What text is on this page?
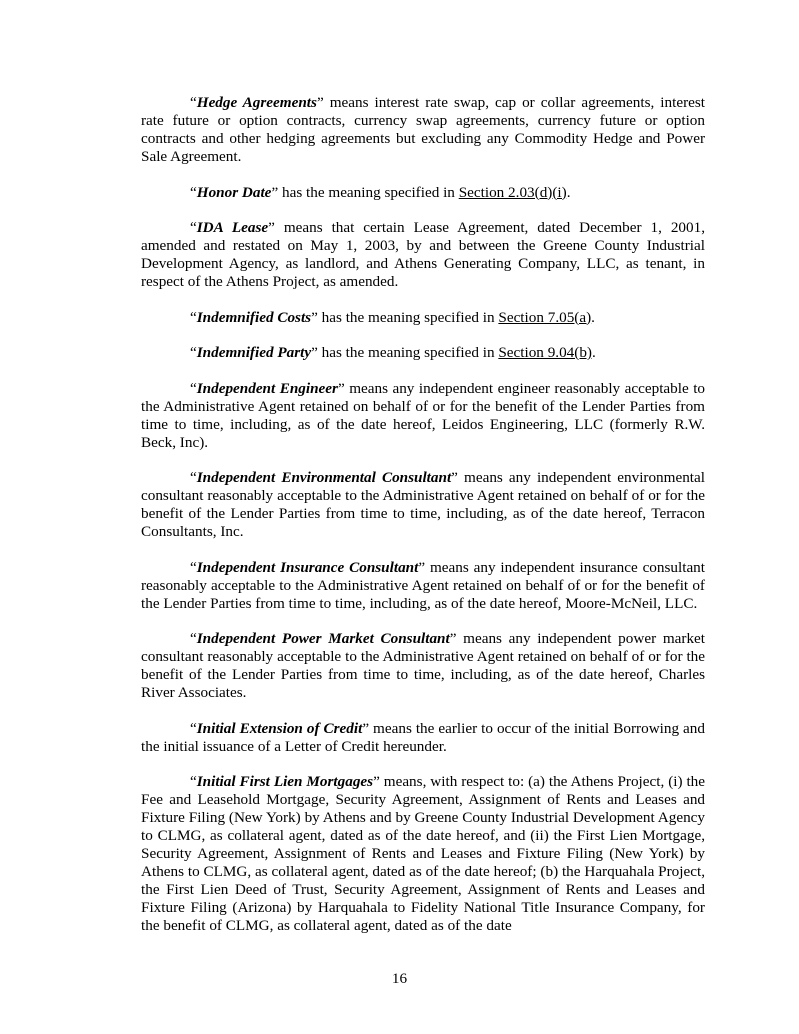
“Hedge Agreements” means interest rate swap, cap or collar agreements, interest rate future or option contracts, currency swap agreements, currency future or option contracts and other hedging agreements but excluding any Commodity Hedge and Power Sale Agreement.

“Honor Date” has the meaning specified in Section 2.03(d)(i).

“IDA Lease” means that certain Lease Agreement, dated December 1, 2001, amended and restated on May 1, 2003, by and between the Greene County Industrial Development Agency, as landlord, and Athens Generating Company, LLC, as tenant, in respect of the Athens Project, as amended.

“Indemnified Costs” has the meaning specified in Section 7.05(a).

“Indemnified Party” has the meaning specified in Section 9.04(b).

“Independent Engineer” means any independent engineer reasonably acceptable to the Administrative Agent retained on behalf of or for the benefit of the Lender Parties from time to time, including, as of the date hereof, Leidos Engineering, LLC (formerly R.W. Beck, Inc).

“Independent Environmental Consultant” means any independent environmental consultant reasonably acceptable to the Administrative Agent retained on behalf of or for the benefit of the Lender Parties from time to time, including, as of the date hereof, Terracon Consultants, Inc.

“Independent Insurance Consultant” means any independent insurance consultant reasonably acceptable to the Administrative Agent retained on behalf of or for the benefit of the Lender Parties from time to time, including, as of the date hereof, Moore-McNeil, LLC.

“Independent Power Market Consultant” means any independent power market consultant reasonably acceptable to the Administrative Agent retained on behalf of or for the benefit of the Lender Parties from time to time, including, as of the date hereof, Charles River Associates.

“Initial Extension of Credit” means the earlier to occur of the initial Borrowing and the initial issuance of a Letter of Credit hereunder.

“Initial First Lien Mortgages” means, with respect to: (a) the Athens Project, (i) the Fee and Leasehold Mortgage, Security Agreement, Assignment of Rents and Leases and Fixture Filing (New York) by Athens and by Greene County Industrial Development Agency to CLMG, as collateral agent, dated as of the date hereof, and (ii) the First Lien Mortgage, Security Agreement, Assignment of Rents and Leases and Fixture Filing (New York) by Athens to CLMG, as collateral agent, dated as of the date hereof; (b) the Harquahala Project, the First Lien Deed of Trust, Security Agreement, Assignment of Rents and Leases and Fixture Filing (Arizona) by Harquahala to Fidelity National Title Insurance Company, for the benefit of CLMG, as collateral agent, dated as of the date

16
